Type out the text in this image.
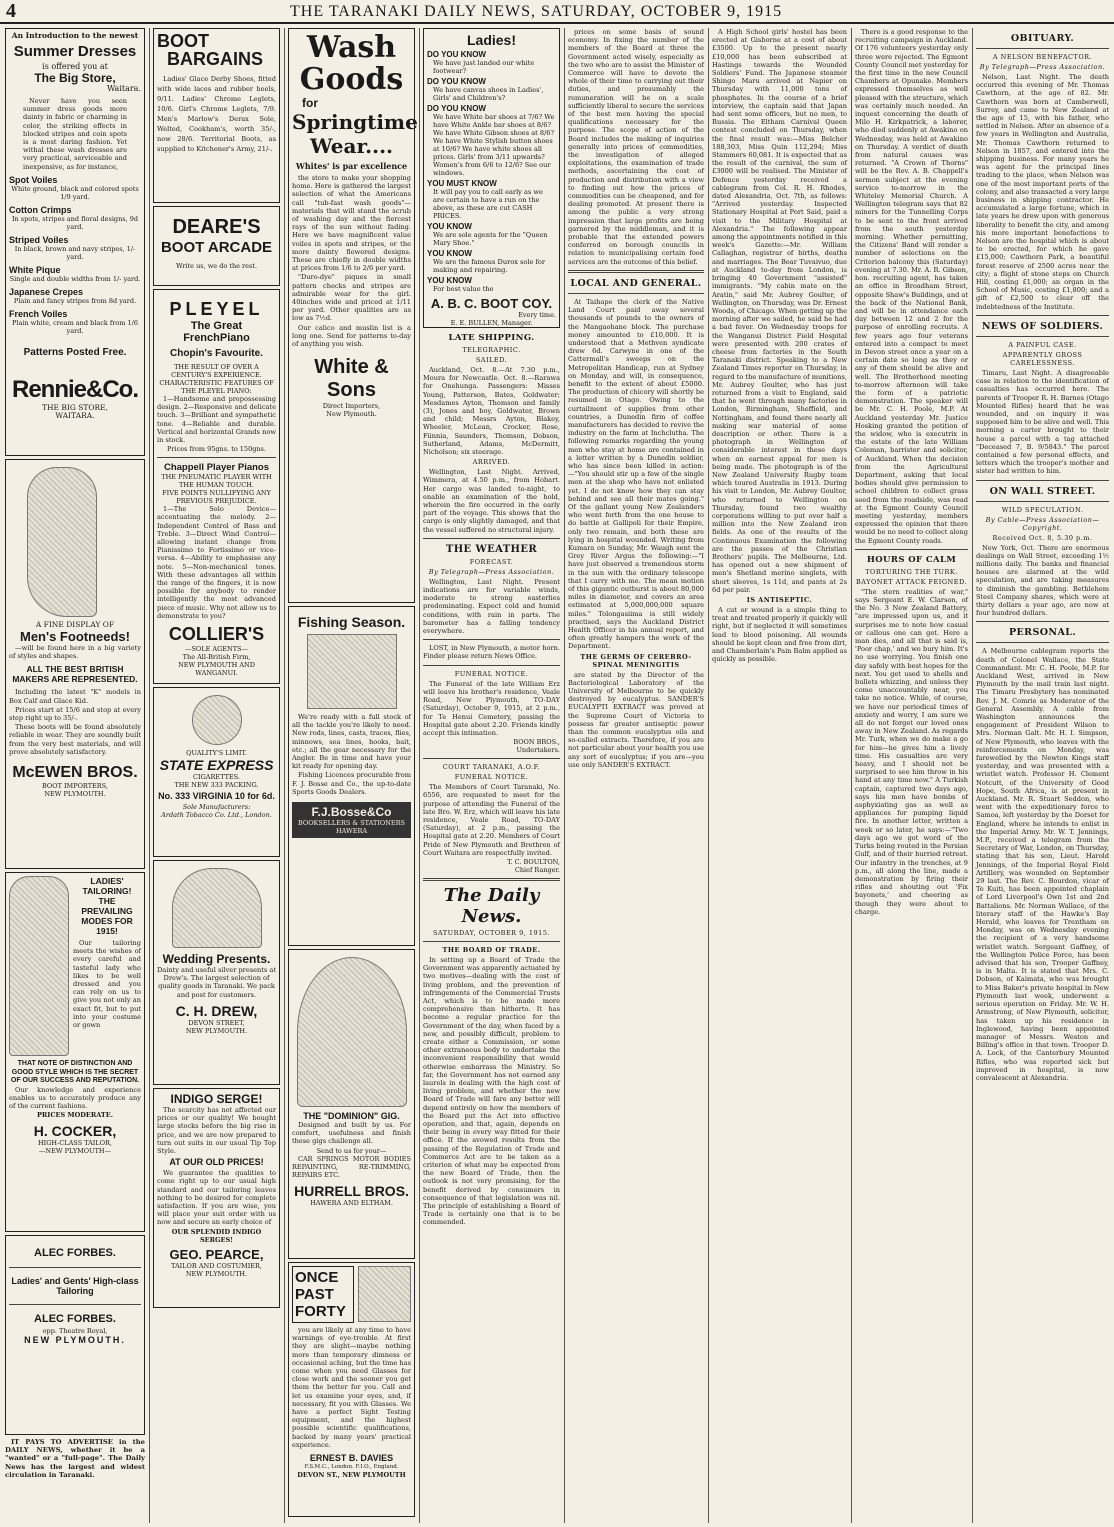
4	THE TARANAKI DAILY NEWS, SATURDAY, OCTOBER 9, 1915
An Introduction to the newest
Summer Dresses
is offered you at
The Big Store,
Waitara.

Never have you seen summer dress goods more dainty in fabric or charming in color, the striking effects in blocked stripes and coin spots is a most daring fashion. Yet withal these wash dresses are very practical, serviceable and inexpensive, as for instance,

Spot Voiles
White ground, black and colored spots 1/9 yard.
Cotton Crimps
In spots, stripes and floral designs, 9d yard.
Striped Voiles
In black, brown and navy stripes, 1/- yard.
White Pique
Single and double widths from 1/- yard.
Japanese Crepes
Plain and fancy stripes from 8d yard.
French Voiles
Plain white, cream and black from 1/6 yard.
Patterns Posted Free.
Rennie&Co.
THE BIG STORE,
WAITARA.
A FINE DISPLAY OF
Men's Footneeds!

—will be found here in a big variety of styles and shapes.

ALL THE BEST BRITISH MAKERS ARE REPRESENTED.

Including the latest "K" models in Box Calf and Glace Kid.

Prices start at 15/6 and stop at every step right up to 35/-.

These boots will be found absolutely reliable in wear. They are soundly built from the very best materials, and will prove absolutely satisfactory.

McEWEN BROS.
BOOT IMPORTERS,
NEW PLYMOUTH.
LADIES' TAILORING! THE PREVAILING MODES FOR 1915!

Our tailoring meets the wishes of every careful and tasteful lady who likes to be well dressed and you can rely on us to give you not only an exact fit, but to put into your costume or gown

THAT NOTE OF DISTINCTION AND GOOD STYLE WHICH IS THE SECRET OF OUR SUCCESS AND REPUTATION.

Our knowledge and experience enables us to accurately produce any of the current fashions.

PRICES MODERATE.
H. COCKER,
HIGH-CLASS TAILOR,
—NEW PLYMOUTH—
ALEC FORBES.
Ladies' and Gents' High-class Tailoring
ALEC FORBES.
opp. Theatre Royal,
NEW PLYMOUTH.

IT PAYS TO ADVERTISE in the DAILY NEWS, whether it be a "wanted" or a "full-page". The Daily News has the largest and widest circulation in Taranaki.

BOOT
BARGAINS

Ladies' Glace Derby Shoes, fitted with wide laces and rubber heels, 9/11. Ladies' Chrome Leglets, 10/6. Girl's Chrome Leglets, 7/9. Men's Marlow's Derax Sole, Welted, Cookham's, worth 35/-, now 28/6. Territorial Boots, as supplied to Kitchener's Army, 21/-.

DEARE'S
BOOT ARCADE
Write us, we do the rest.
PLEYEL
The Great FrenchPiano
Chopin's Favourite.
THE RESULT OF OVER A CENTURY'S EXPERIENCE. CHARACTERISTIC FEATURES OF THE PLEYEL PIANO:

1—Handsome and prepossessing design. 2—Responsive and delicate touch. 3—Brilliant and sympathetic tone. 4—Reliable and durable. Vertical and horizontal Grands now in stock.

Prices from 95gns. to 150gns.
Chappell Player Pianos
THE PNEUMATIC PLAYER WITH THE HUMAN TOUCH.
FIVE POINTS NULLIFYING ANY PREVIOUS PREJUDICE.

1—The Solo Device—accentuating the melody. 2—Independent Control of Bass and Treble. 3—Direct Wind Control—allowing instant change from Pianissimo to Fortissimo or vice-versa. 4—Ability to emphasise any note. 5—Non-mechanical tones. With these advantages all within the range of the fingers, it is now possible for anybody to render intelligently the most advanced piece of music. Why not allow us to demonstrate to you?

COLLIER'S
—SOLE AGENTS—
The All-British Firm,
NEW PLYMOUTH AND WANGANUI.
QUALITY'S LIMIT.
STATE EXPRESS
CIGARETTES.
THE NEW 333 PACKING.
No. 333 VIRGINIA 10 for 6d.
Sole Manufacturers:
Ardath Tobacco Co. Ltd., London.
Wedding Presents.

Dainty and useful silver presents at Drew's. The largest selection of quality goods in Taranaki. We pack and post for customers.

C. H. DREW,
DEVON STREET,
NEW PLYMOUTH.
INDIGO SERGE!

The scarcity has not affected our prices or our quality! We bought large stocks before the big rise in price, and we are now prepared to turn out suits in our usual Tip Top Style.

AT OUR OLD PRICES!

We guarantee the qualities to come right up to our usual high standard and our tailoring leaves nothing to be desired for complete satisfaction. If you are wise, you will place your suit order with us now and secure an early choice of

OUR SPLENDID INDIGO SERGES!
GEO. PEARCE,
TAILOR AND COSTUMIER,
NEW PLYMOUTH.
Wash Goods
for
Springtime Wear....
Whites' is par excellence

the store to make your shopping home. Here is gathered the largest selection of what the Americans call "tub-fast wash goods"—materials that will stand the scrub of washing day and the fiercest rays of the sun without fading. Here we have magnificent value voiles in spots and stripes, or the more dainty flowered designs. These are chiefly in double widths at prices from 1/6 to 2/6 per yard.

"Duro-dye" piques in small pattern checks and stripes are admirable wear for the girl. 40inches wide and priced at 1/11 per yard. Other qualities are as low as 7½d.

Our calico and muslin list is a long one. Send for patterns to-day of anything you wish.

White & Sons
Direct Importers,
New Plymouth.
Fishing Season.

We're ready with a full stock of all the tackle you're likely to need. New rods, lines, casts, traces, flies, minnows, sea lines, hooks, bait, etc.; all the gear necessary for the Angler. Be in time and have your kit ready for opening day.

Fishing Licences procurable from F. J. Bosse and Co., the up-to-date Sports Goods Dealers.

F.J.Bosse&Co
BOOKSELLERS & STATIONERS
HAWERA
THE "DOMINION" GIG.

Designed and built by us. For comfort, usefulness and finish these gigs challenge all.

Send to us for your—

CAR SPRINGS MOTOR BODIES REPAINTING, RE-TRIMMING, REPAIRS ETC.

HURRELL BROS.
HAWERA AND ELTHAM.
ONCE PAST FORTY

you are likely at any time to have warnings of eye-trouble. At first they are slight—maybe nothing more than temporary dimness or occasional aching, but the time has come when you need Glasses for close work and the sooner you get them the better for you. Call and let us examine your eyes, and, if necessary, fit you with Glasses. We have a perfect Sight Testing equipment, and the highest possible scientific qualifications, backed by many years' practical experience.

ERNEST B. DAVIES
F.S.M.C., London. F.I.O., England.
DEVON ST., NEW PLYMOUTH
Ladies!
DO YOU KNOW
We have just landed our white footwear?
DO YOU KNOW
We have canvas shoes in Ladies', Girls' and Children's?
DO YOU KNOW
We have White bar shoes at 7/6? We have White Ankle bar shoes at 8/6? We have White Gibson shoes at 8/6? We have White Stylish button shoes at 10/6? We have white shoes all prices. Girls' from 3/11 upwards? Women's from 6/6 to 12/6? See our windows.
YOU MUST KNOW
It will pay you to call early as we are certain to have a run on the above, as these are cut CASH PRICES.
YOU KNOW
We are sole agents for the "Queen Mary Shoe."
YOU KNOW
We are the famous Durox sole for making and repairing.
YOU KNOW
For best value the
A. B. C. BOOT COY.
Every time.
E. E. BULLEN, Manager.
LATE SHIPPING.
TELEGRAPHIC.
SAILED.

Auckland, Oct. 8.—At 7.30 p.m., Moura for Newcastle. Oct. 8.—Rarawa for Onehunga. Passengers: Misses Young, Patterson, Bates, Goldwater; Mesdames Ayton, Thomson and family (3), Jones and boy, Goldwater, Brown and child; Messrs Ayton, Blakey, Wheeler, McLean, Crocker, Rose, Fiinnia, Saunders, Thomson, Dobson, Sutherland, Adams, McDermitt, Nicholson; six steerage.

ARRIVED.

Wellington, Last Night. Arrived, Wimmera, at 4.50 p.m., from Hobart. Her cargo was landed to-night, to enable an examination of the hold, wherein the fire occurred in the early part of the voyage. This shows that the cargo is only slightly damaged, and that the vessel suffered no structural injury.

THE WEATHER
FORECAST.
By Telegraph—Press Association.

Wellington, Last Night. Present indications are for variable winds, moderate to strong easterlies predominating. Expect cold and humid conditions, with rain in parts. The barometer has a falling tendency everywhere.

LOST, in New Plymouth, a motor horn. Finder please return News Office.

FUNERAL NOTICE.

The Funeral of the late William Erz will leave his brother's residence, Veale Road, New Plymouth, TO-DAY (Saturday), October 9, 1915, at 2 p.m., for Te Henui Cemetery, passing the Hospital gate about 2.20. Friends kindly accept this intimation.

BOON BROS.,
Undertakers.
COURT TARANAKI, A.O.F.
FUNERAL NOTICE.

The Members of Court Taranaki, No. 6556, are requested to meet for the purpose of attending the Funeral of the late Bro. W. Erz, which will leave his late residence, Veale Road, TO-DAY (Saturday), at 2 p.m., passing the Hospital gate at 2.20. Members of Court Pride of New Plymouth and Brethren of Court Waitara are respectfully invited.

T. C. BOULTON,
Chief Ranger.
The Daily News.
SATURDAY, OCTOBER 9, 1915.
THE BOARD OF TRADE.

In setting up a Board of Trade the Government was apparently actuated by two motives—dealing with the cost of living problem, and the prevention of infringements of the Commercial Trusts Act, which is to be made more comprehensive than hitherto. It has become a regular practice for the Government of the day, when faced by a new, and possibly difficult, problem to create either a Commission, or some other extraneous body to undertake the inconvenient responsibility that would otherwise embarrass the Ministry. So far, the Government has not earned any laurels in dealing with the high cost of living problem, and whether the new Board of Trade will fare any better will depend entirely on how the members of the Board put the Act into effective operation, and that, again, depends on their being in every way fitted for their office. If the avowed results from the passing of the Regulation of Trade and Commerce Act are to be taken as a criterion of what may be expected from the new Board of Trade, then the outlook is not very promising, for the benefit derived by consumers in consequence of that legislation was nil. The principle of establishing a Board of Trade is certainly one that is to be commended.

prices on some basis of sound economy. In fixing the number of the members of the Board at three the Government acted wisely, especially as the two who are to assist the Minister of Commerce will have to devote the whole of their time to carrying out their duties, and presumably the remuneration will be on a scale sufficiently liberal to secure the services of the best men having the special qualifications necessary for the purpose. The scope of action of the Board includes the making of inquiries generally into prices of commodities, the investigation of alleged exploitations, the examination of trade methods, ascertaining the cost of production and distribution with a view to finding out how the prices of commodities can be cheapened, and for dealing promoted. At present there is among the public a very strong impression that large profits are being garnered by the middleman, and it is probable that the extended powers conferred on borough councils in relation to municipalising certain food services are the outcome of this belief.

LOCAL AND GENERAL.

At Taihape the clerk of the Native Land Court paid away several thousands of pounds to the owners of the Mangaohane block. The purchase money amounted to £10,000. It is understood that a Methven syndicate drew 6d. Carwyne in one of the Cattermall's sweeps on the Metropolitan Handicap, run at Sydney on Monday, and will, in consequence, benefit to the extent of about £5000. The production of chicory will shortly be resumed in Otago. Owing to the curtailment of supplies from other countries, a Dunedin firm of coffee manufacturers has decided to revive the industry on the farm at Inchclutha. The following remarks regarding the young men who stay at home are contained in a letter written by a Dunedin soldier, who has since been killed in action:—"You should stir up a few of the single men at the shop who have not enlisted yet. I do not know how they can stay behind and see all their mates going." Of the gallant young New Zealanders who went forth from the one house to do battle at Gallipoli for their Empire, only two remain, and both these are lying in hospital wounded. Writing from Kumara on Sunday, Mr. Waugh sent the Grey River Argus the following:—"I have just observed a tremendous storm in the sun with the ordinary telescope that I carry with me. The mean motion of this gigantic outburst is about 80,000 miles in diameter, and covers an area estimated at 5,000,000,000 square miles." Tolongasiima is still widely practised, says the Auckland District Health Officer in his annual report, and often greatly hampers the work of the Department.

THE GERMS OF CEREBRO-SPINAL MENINGITIS

are stated by the Director of the Bacteriological Laboratory of the University of Melbourne to be quickly destroyed by eucalyptus. SANDER'S EUCALYPTI EXTRACT was proved at the Supreme Court of Victoria to possess far greater antiseptic power than the common eucalyptus oils and so-called extracts. Therefore, if you are not particular about your health you use any sort of eucalyptus; if you are—you use only SANDER'S EXTRACT.

A High School girls' hostel has been erected at Gisborne at a cost of about £3500. Up to the present nearly £10,000 has been subscribed at Hastings towards the Wounded Soldiers' Fund. The Japanese steamer Shingo Maru arrived at Napier on Thursday with 11,000 tons of phosphates. In the course of a brief interview, the captain said that Japan had sent some officers, but no men, to Russia. The Eltham Carnival Queen contest concluded on Thursday, when the final result was:—Miss Belcher 188,303, Miss Quin 112,294; Miss Stammers 60,081. It is expected that as the result of the carnival, the sum of £3000 will be realised. The Minister of Defence yesterday received a cablegram from Col. R. H. Rhodes, dated Alexandria, Oct. 7th, as follows: "Arrived yesterday. Inspected Stationary Hospital at Port Said, paid a visit to the Military Hospital at Alexandria." The following appear among the appointments notified in this week's Gazette:—Mr. William Callaghan, registrar of births, deaths and marriages. The Bear Tuvaivuo, due at Auckland to-day from London, is bringing 40 Government "assisted" immigrants. "My cabin mate on the Aratin," said Mr. Aubrey Goulter, of Wellington, on Thursday, was Dr. Ernest Woods, of Chicago. When getting up the morning after we sailed, he said he had a bad fever. On Wednesday troops for the Wanganui District Field Hospital were presented with 200 crates of cheese from factories in the South Taranaki district. Speaking to a New Zealand Times reporter on Thursday, in regard to the manufacture of munitions, Mr. Aubrey Goulter, who has just returned from a visit to England, said that he went through many factories in London, Birmingham, Sheffield, and Nottingham, and found there nearly all making war material of some description or other. There is a photograph in Wellington of considerable interest in these days when an earnest appeal for men is being made. The photograph is of the New Zealand University Rugby team which toured Australia in 1913. During his visit to London, Mr. Aubrey Goulter, who returned to Wellington on Thursday, found two wealthy corporations willing to put over half a million into the New Zealand iron fields. As one of the results of the Continuous Examination the following are the passes of the Christian Brothers' pupils. The Melbourne, Ltd. has opened out a new shipment of men's Shetland merino singlets, with short sleeves, 1s 11d, and pants at 2s 6d per pair.

IS ANTISEPTIC.

A cut or wound is a simple thing to treat and treated properly it quickly will right, but if neglected it will sometimes lead to blood poisoning. All wounds should be kept clean and free from dirt, and Chamberlain's Pain Balm applied as quickly as possible.

There is a good response to the recruiting campaign in Auckland. Of 176 volunteers yesterday only three were rejected. The Egmont County Council met yesterday for the first time in the new Council Chambers at Opunake. Members expressed themselves as well pleased with the structure, which was certainly much needed. An inquest concerning the death of Milo H. Kirkpatrick, a laborer, who died suddenly at Awakino on Wednesday, was held at Awakino on Thursday. A verdict of death from natural causes was returned. "A Crown of Thorns" will be the Rev. A. B. Chappell's sermon subject at the evening service to-morrow in the Whiteley Memorial Church. A Wellington telegram says that 82 miners for the Tunnelling Corps to be sent to the front arrived from the south yesterday morning. Whether permitting, the Citizens' Band will render a number of selections on the Criterion balcony this (Saturday) evening at 7.30. Mr. A. R. Gibson, hon. recruiting agent, has taken an office in Broadham Street, opposite Shaw's Buildings, and at the back of the National Bank, and will be in attendance each day between 12 and 2 for the purpose of enrolling recruits. A few years ago four veterans entered into a compact to meet in Devon street once a year on a certain date so long as they or any of them should be alive and well. The Brotherhood meeting to-morrow afternoon will take the form of a patriotic demonstration. The speaker will be Mr. C. H. Poole, M.P. At Auckland yesterday Mr. Justice Hosking granted the petition of the widow, who is executrix in the estate of the late William Coleman, barrister and solicitor, of Auckland. When the decision from the Agricultural Department, asking that local bodies should give permission to school children to collect grass seed from the roadside, was read at the Egmont County Council meeting yesterday, members expressed the opinion that there would be no need to collect along the Egmont County roads.

HOURS OF CALM
TORTURING THE TURK.
BAYONET ATTACK FEIGNED.

"The stern realities of war," says Sergeant E. W. Clarson, of the No. 3 New Zealand Battery, "are impressed upon us, and it surprises me to note how casual or callous one can get. Here a man dies, and all that is said is, 'Poor chap,' and we bury him. It's no use worrying. You finish one day safely with best hopes for the next. You get used to shells and bullets whizzing, and unless they come unaccountably near, you take no notice. While, of course, we have our periodical times of anxiety and worry, I am sure we all do not forget our loved ones away in New Zealand. As regards Mr. Turk, when we do make a go for him—he gives him a lively time. His casualties are very heavy, and I should not be surprised to see him throw in his hand at any time now." A Turkish captain, captured two days ago, says his men have bombs of asphyxiating gas as well as appliances for pumping liquid fire. In another letter, written a week or so later, he says:—"Two days ago we got word of the Turks being routed in the Persian Gulf, and of their hurried retreat. Our infantry in the trenches, at 9 p.m., all along the line, made a demonstration by firing their rifles and shouting out 'Fix bayonets,' and cheering as though they were about to charge.

OBITUARY.
A NELSON BENEFACTOR.
By Telegraph—Press Association.

Nelson, Last Night. The death occurred this evening of Mr. Thomas Cawthorn, at the age of 82. Mr. Cawthorn was born at Camberwell, Surrey, and came to New Zealand at the age of 15, with his father, who settled in Nelson. After an absence of a few years in Wellington and Australia, Mr. Thomas Cawthorn returned to Nelson in 1857, and entered into the shipping business. For many years he was agent for the principal lines trading to the place, when Nelson was one of the most important ports of the colony, and also transacted a very large business in shipping contractor. He accumulated a large fortune, which in late years he drew upon with generous liberality to benefit the city, and among his more important benefactions to Nelson are the hospital which is about to be erected, for which he gave £15,000; Cawthorn Park, a beautiful forest reserve of 2500 acres near the city; a flight of stone steps on Church Hill, costing £1,000; an organ in the School of Music, costing £1,800; and a gift of £2,500 to clear off the indebtedness of the Institute.

NEWS OF SOLDIERS.
A PAINFUL CASE.
APPARENTLY GROSS CARELESSNESS.

Timaru, Last Night. A disagreeable case in relation to the identification of casualties has occurred here. The parents of Trooper R. H. Barnes (Otago Mounted Rifles) heard that he was wounded, and on inquiry it was supposed him to be alive and well. This morning a carter brought to their house a parcel with a tag attached "Deceased 7, B. 9/5843." The parcel contained a few personal effects, and letters which the trooper's mother and sister had written to him.

ON WALL STREET.
WILD SPECULATION.
By Cable—Press Association—Copyright.
Received Oct. 8, 5.30 p.m.

New York, Oct. There are enormous dealings on Wall Street, exceeding 1½ millions daily. The banks and financial houses are alarmed at the wild speculation, and are taking measures to diminish the gambling. Bethlehem Steel Company shares, which were at thirty dollars a year ago, are now at four hundred dollars.

PERSONAL.

A Melbourne cablegram reports the death of Colonel Wallace, the State Commandant. Mr. C. H. Poole, M.P. for Auckland West, arrived in New Plymouth by the mail train last night. The Timaru Presbytery has nominated Rev. J. M. Comrie as Moderator of the General Assembly. A cable from Washington announces the engagement of President Wilson to Mrs. Norman Galt. Mr. H. I. Simpson, of New Plymouth, who leaves with the reinforcements on Monday, was farewelled by the Newton Kings staff yesterday, and was presented with a wristlet watch. Professor H. Clement Notcutt, of the University of Good Hope, South Africa, is at present in Auckland. Mr. R. Stuart Seddon, who went with the expeditionary force to Samoa, left yesterday by the Dorset for England, where he intends to enlist in the Imperial Army. Mr. W. T. Jennings, M.P., received a telegram from the Secretary of War, London, on Thursday, stating that his son, Lieut. Harold Jennings, of the Imperial Royal Field Artillery, was wounded on September 29 last. The Rev. C. Bourdon, vicar of Te Kuiti, has been appointed chaplain of Lord Liverpool's Own 1st and 2nd Battalions. Mr. Norman Wallace, of the literary staff of the Hawke's Bay Herald, who leaves for Trentham on Monday, was on Wednesday evening the recipient of a very handsome wristlet watch. Sergeant Gaffney, of the Wellington Police Force, has been advised that his son, Trooper Gaffney, is in Malta. It is stated that Mrs. C. Dobson, of Kaimata, who was brought to Miss Baker's private hospital in New Plymouth last week, underwent a serious operation on Friday. Mr. W. H. Armstrong, of New Plymouth, solicitor, has taken up his residence in Inglewood, having been appointed manager of Messrs. Weston and Billing's office in that town. Trooper D. A. Lock, of the Canterbury Mounted Rifles, who was reported sick but improved in hospital, is now convalescent at Alexandria.
